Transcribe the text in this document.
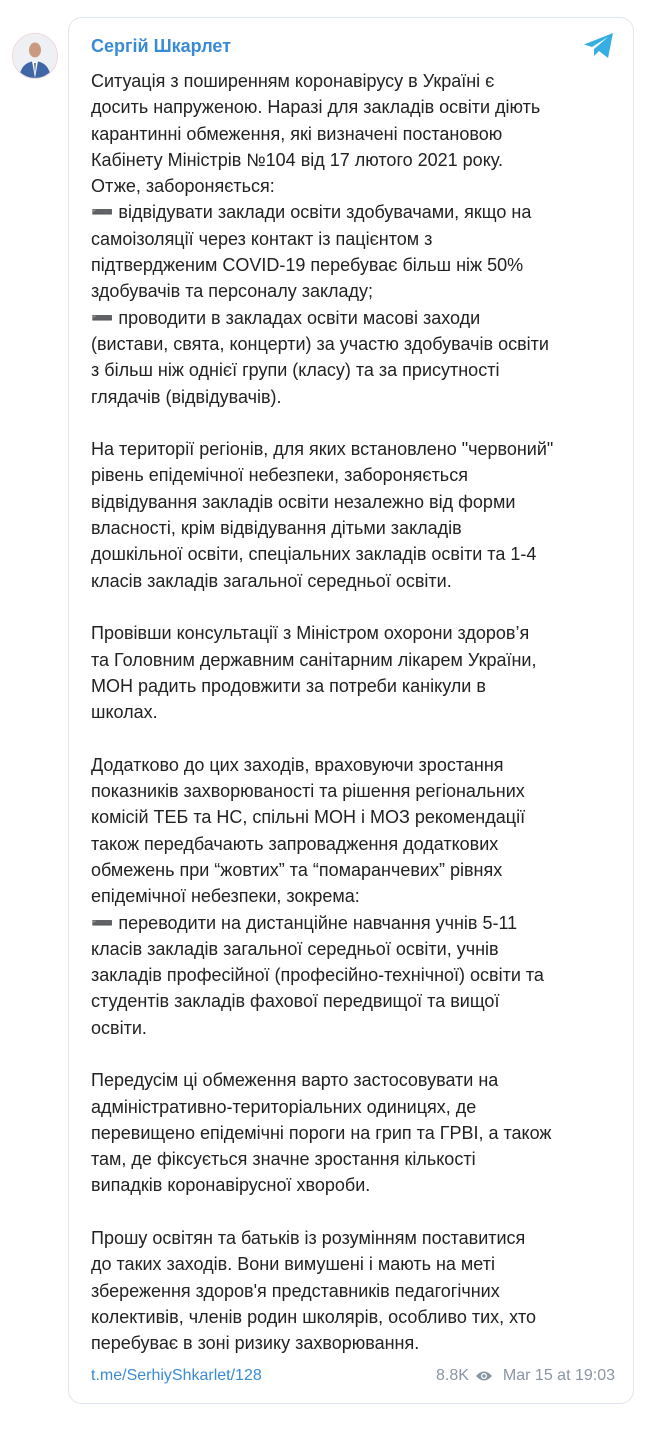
Сергій Шкарлет

Ситуація з поширенням коронавірусу в Україні є
досить напруженою. Наразі для закладів освіти діють
карантинні обмеження, які визначені постановою
Кабінету Міністрів №104 від 17 лютого 2021 року.
Отже, забороняється:
➖ відвідувати заклади освіти здобувачами, якщо на
самоізоляції через контакт із пацієнтом з
підтвердженим COVID-19 перебуває більш ніж 50%
здобувачів та персоналу закладу;
➖ проводити в закладах освіти масові заходи
(вистави, свята, концерти) за участю здобувачів освіти
з більш ніж однієї групи (класу) та за присутності
глядачів (відвідувачів).

На території регіонів, для яких встановлено "червоний"
рівень епідемічної небезпеки, забороняється
відвідування закладів освіти незалежно від форми
власності, крім відвідування дітьми закладів
дошкільної освіти, спеціальних закладів освіти та 1-4
класів закладів загальної середньої освіти.

Провівши консультації з Міністром охорони здоров’я
та Головним державним санітарним лікарем України,
МОН радить продовжити за потреби канікули в
школах.

Додатково до цих заходів, враховуючи зростання
показників захворюваності та рішення регіональних
комісій ТЕБ та НС, спільні МОН і МОЗ рекомендації
також передбачають запровадження додаткових
обмежень при “жовтих” та “помаранчевих” рівнях
епідемічної небезпеки, зокрема:
➖ переводити на дистанційне навчання учнів 5-11
класів закладів загальної середньої освіти, учнів
закладів професійної (професійно-технічної) освіти та
студентів закладів фахової передвищої та вищої
освіти.

Передусім ці обмеження варто застосовувати на
адміністративно-територіальних одиницях, де
перевищено епідемічні пороги на грип та ГРВІ, а також
там, де фіксується значне зростання кількості
випадків коронавірусної хвороби.

Прошу освітян та батьків із розумінням поставитися
до таких заходів. Вони вимушені і мають на меті
збереження здоров'я представників педагогічних
колективів, членів родин школярів, особливо тих, хто
перебуває в зоні ризику захворювання.

t.me/SerhiyShkarlet/128	8.8K Mar 15 at 19:03
